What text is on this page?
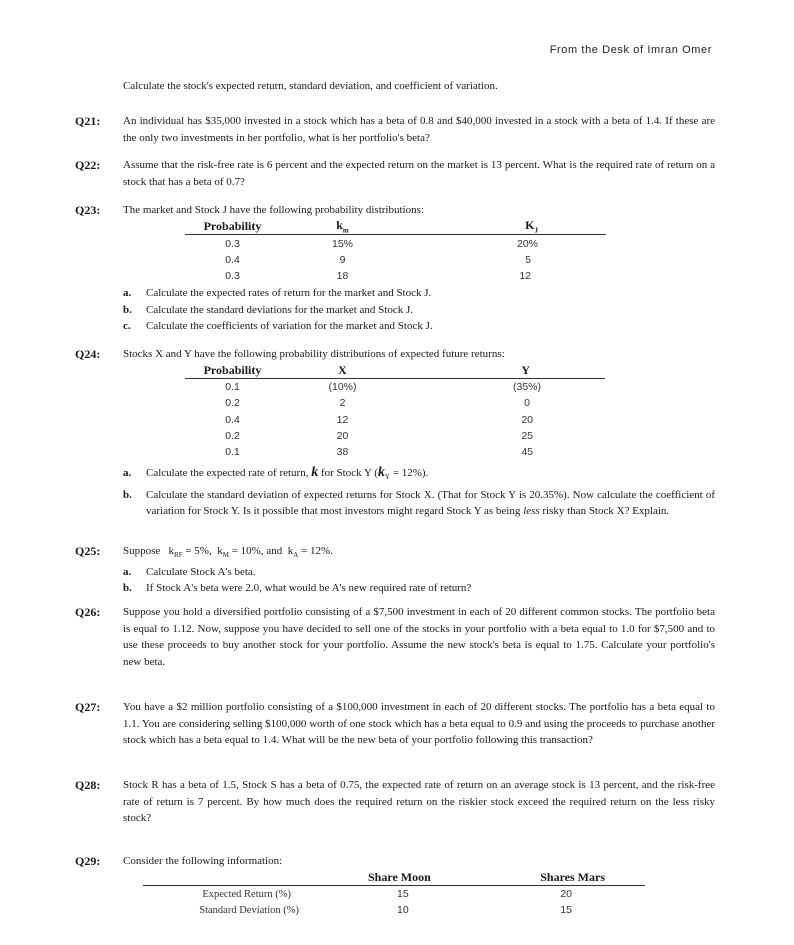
From the Desk of Imran Omer
Calculate the stock's expected return, standard deviation, and coefficient of variation.
Q21: An individual has $35,000 invested in a stock which has a beta of 0.8 and $40,000 invested in a stock with a beta of 1.4. If these are the only two investments in her portfolio, what is her portfolio's beta?
Q22: Assume that the risk-free rate is 6 percent and the expected return on the market is 13 percent. What is the required rate of return on a stock that has a beta of 0.7?
Q23: The market and Stock J have the following probability distributions:
Probability	$k_m$	$K_J$
0.3	15%	20%
0.4	9	5
0.3	18	12
a. Calculate the expected rates of return for the market and Stock J.
b. Calculate the standard deviations for the market and Stock J.
c. Calculate the coefficients of variation for the market and Stock J.
Q24: Stocks X and Y have the following probability distributions of expected future returns:
Probability	X	Y
0.1	(10%)	(35%)
0.2	2	0
0.4	12	20
0.2	20	25
0.1	38	45
a. Calculate the expected rate of return, k for Stock Y $(k_Y = 12\%)$.
b. Calculate the standard deviation of expected returns for Stock X. (That for Stock Y is 20.35%). Now calculate the coefficient of variation for Stock Y. Is it possible that most investors might regard Stock Y as being less risky than Stock X? Explain.
Q25: Suppose $k_{RF} = 5\%$, $k_M = 10\%$, and $k_A = 12\%$.
a. Calculate Stock A's beta.
b. If Stock A's beta were 2.0, what would be A's new required rate of return?
Q26: Suppose you hold a diversified portfolio consisting of a $7,500 investment in each of 20 different common stocks. The portfolio beta is equal to 1.12. Now, suppose you have decided to sell one of the stocks in your portfolio with a beta equal to 1.0 for $7,500 and to use these proceeds to buy another stock for your portfolio. Assume the new stock's beta is equal to 1.75. Calculate your portfolio's new beta.
Q27: You have a $2 million portfolio consisting of a $100,000 investment in each of 20 different stocks. The portfolio has a beta equal to 1.1. You are considering selling $100,000 worth of one stock which has a beta equal to 0.9 and using the proceeds to purchase another stock which has a beta equal to 1.4. What will be the new beta of your portfolio following this transaction?
Q28: Stock R has a beta of 1.5, Stock S has a beta of 0.75, the expected rate of return on an average stock is 13 percent, and the risk-free rate of return is 7 percent. By how much does the required return on the riskier stock exceed the required return on the less risky stock?
Q29: Consider the following information:
	Share Moon	Shares Mars
Expected Return (%)	15	20
Standard Deviation (%)	10	15
